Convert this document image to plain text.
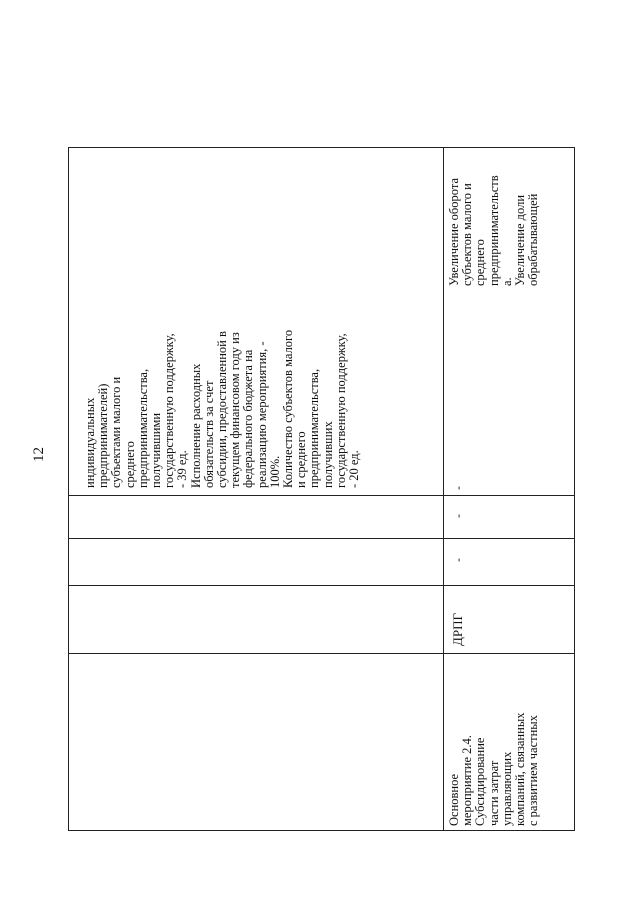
12	индивидуальных
предпринимателей)
субъектами малого и
среднего
предпринимательства,
получившими
государственную поддержку,
- 39 ед.
Исполнение расходных
обязательств за счет
субсидии, предоставленной в
текущем финансовом году из
федерального бюджета на
реализацию мероприятия, -
100%.
Количество субъектов малого
и среднего
предпринимательства,
получивших
государственную поддержку,
- 20 ед.
Основное
мероприятие 2.4.
Субсидирование
части затрат
управляющих
компаний, связанных
с развитием частных
ДРПГ
-
-
-
Увеличение оборота
субъектов малого и
среднего
предпринимательств
а.
Увеличение доли
обрабатывающей
